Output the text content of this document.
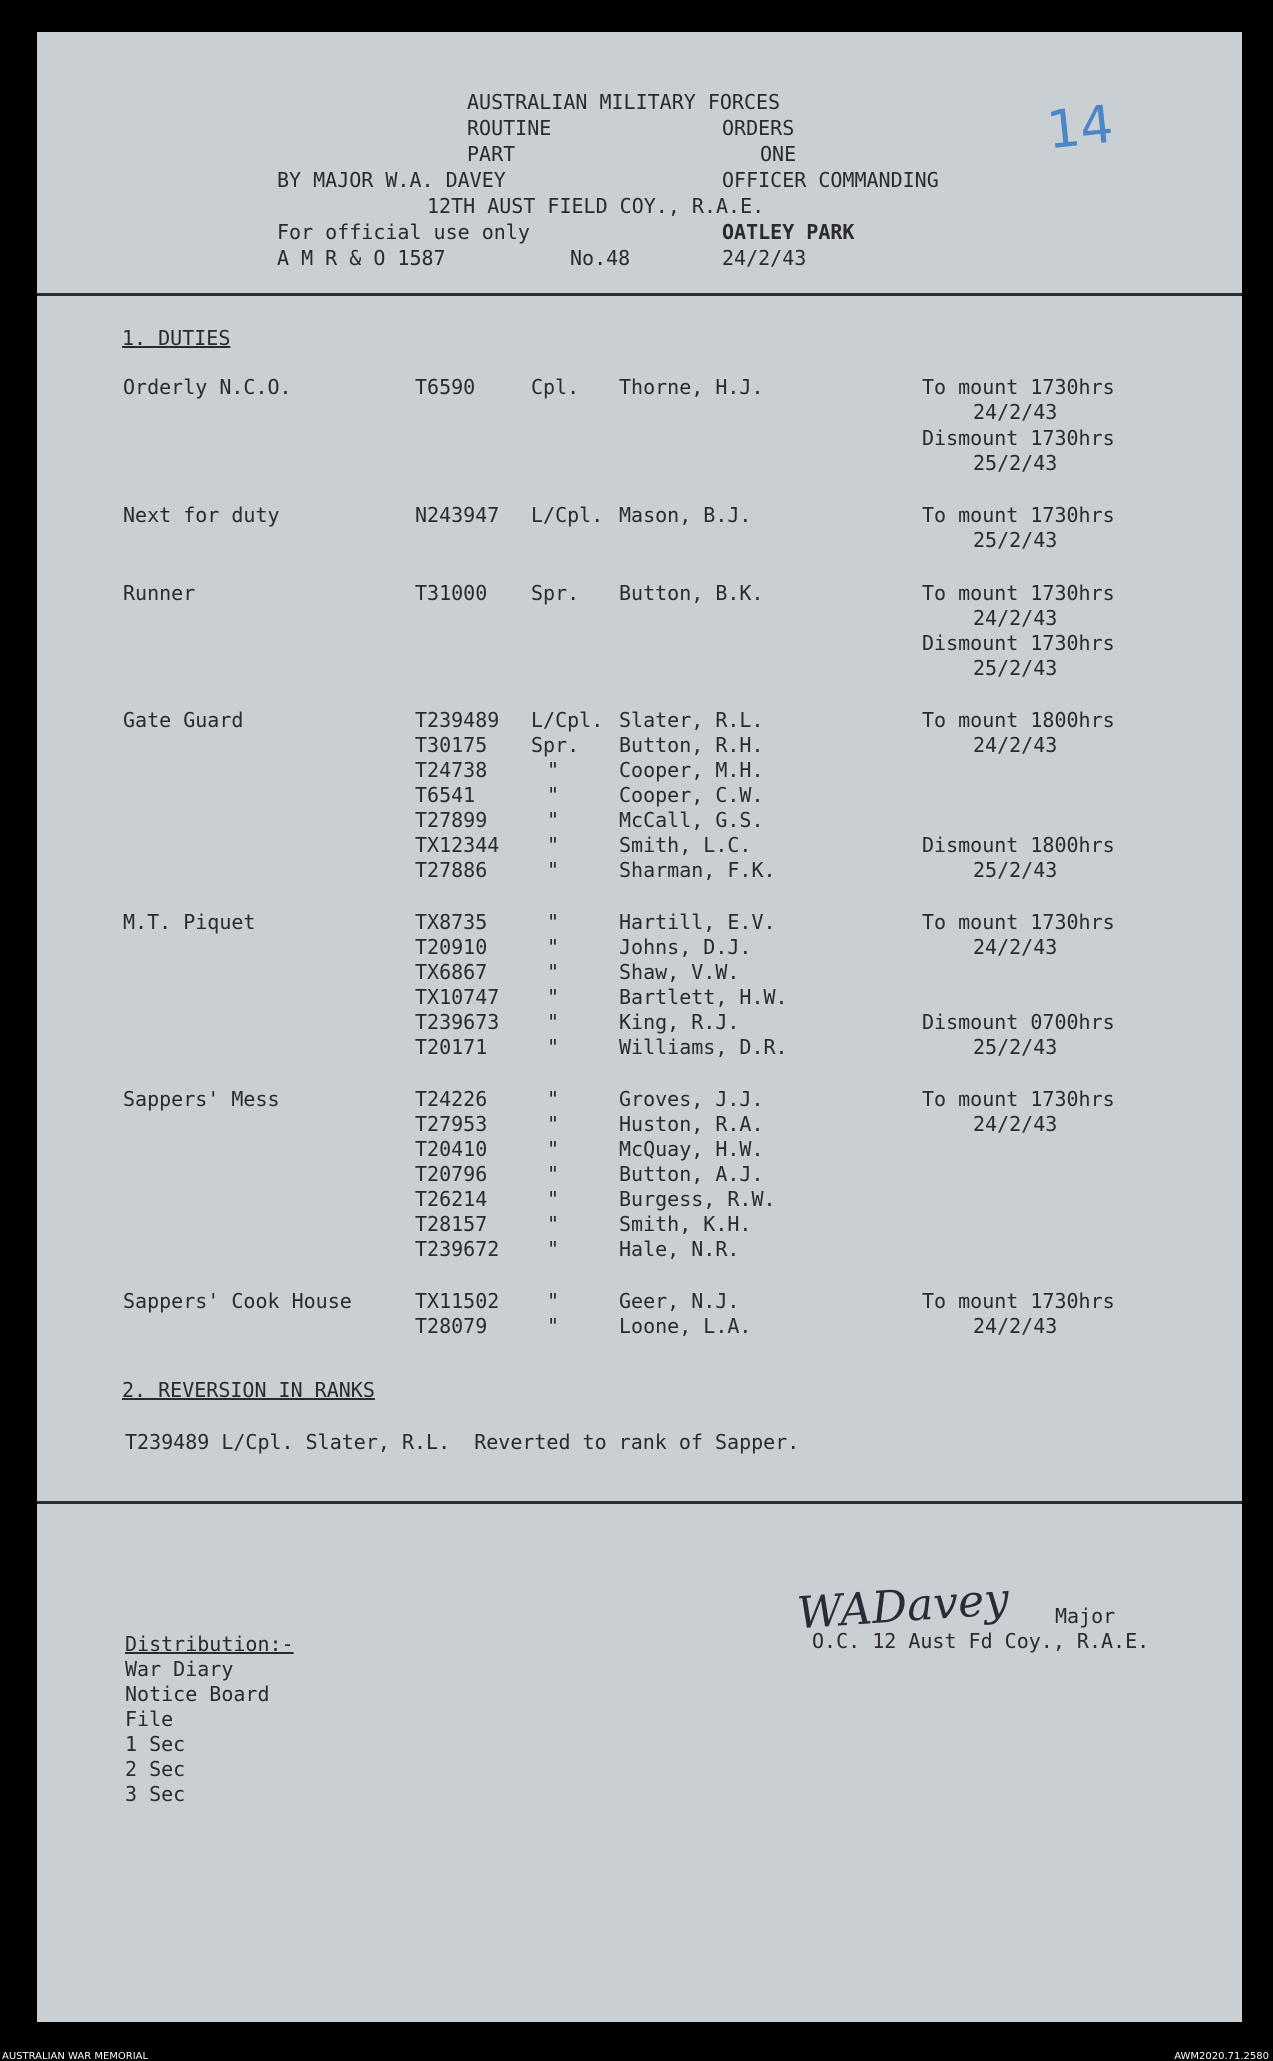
14
AUSTRALIAN MILITARY FORCES
ROUTINE	ORDERS
PART	ONE
BY MAJOR W.A. DAVEY	OFFICER COMMANDING
12TH AUST FIELD COY., R.A.E.
For official use only	OATLEY PARK
A M R & O 1587	No.48	24/2/43
1. DUTIES
Orderly N.C.O.	T6590	Cpl. Thorne, H.J.	To mount 1730hrs
24/2/43
Dismount 1730hrs
25/2/43
Next for duty	N243947 L/Cpl. Mason, B.J.	To mount 1730hrs
25/2/43
Runner	T31000 Spr. Button, B.K.	To mount 1730hrs
24/2/43
Dismount 1730hrs
25/2/43
Gate Guard	T239489 L/Cpl. Slater, R.L.	To mount 1800hrs
T30175 Spr. Button, R.H.	24/2/43
T24738	"	Cooper, M.H.
T6541	"	Cooper, C.W.
T27899	"	McCall, G.S.
TX12344 "	Smith, L.C.	Dismount 1800hrs
T27886	"	Sharman, F.K.	25/2/43
M.T. Piquet	TX8735	"	Hartill, E.V.	To mount 1730hrs
T20910	"	Johns, D.J.	24/2/43
TX6867	"	Shaw, V.W.
TX10747 "	Bartlett, H.W.
T239673 "	King, R.J.	Dismount 0700hrs
T20171	"	Williams, D.R.	25/2/43
Sappers' Mess	T24226	"	Groves, J.J.	To mount 1730hrs
T27953	"	Huston, R.A.	24/2/43
T20410	"	McQuay, H.W.
T20796	"	Button, A.J.
T26214	"	Burgess, R.W.
T28157	"	Smith, K.H.
T239672 "	Hale, N.R.
Sappers' Cook House	TX11502 "	Geer, N.J.	To mount 1730hrs
T28079	"	Loone, L.A.	24/2/43
2. REVERSION IN RANKS
T239489 L/Cpl. Slater, R.L.  Reverted to rank of Sapper.
WADavey Major
O.C. 12 Aust Fd Coy., R.A.E.
Distribution:-
War Diary
Notice Board
File
1 Sec
2 Sec
3 Sec
AUSTRALIAN WAR MEMORIAL	AWM2020.71.2580
